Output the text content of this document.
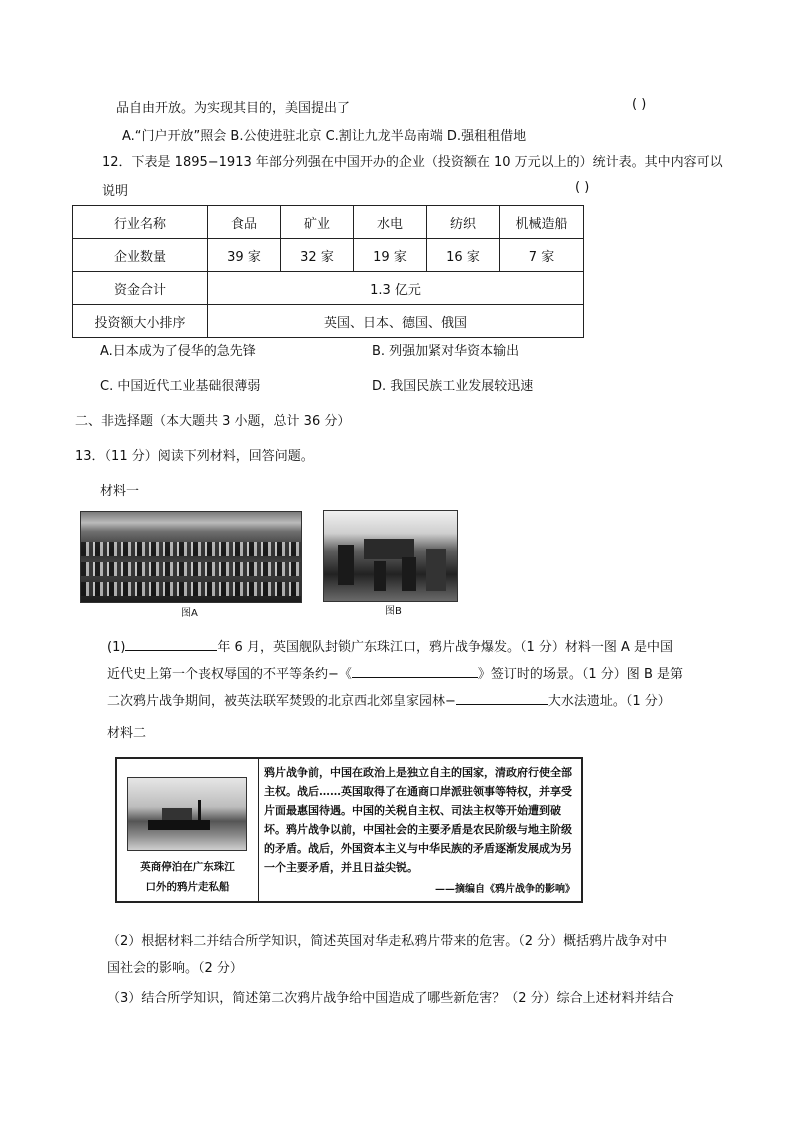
品自由开放。为实现其目的，美国提出了	( )
A.“门户开放”照会 B.公使进驻北京 C.割让九龙半岛南端 D.强租租借地
12．下表是 1895−1913 年部分列强在中国开办的企业（投资额在 10 万元以上的）统计表。其中内容可以
说明	( )
行业名称	食品	矿业	水电	纺织	机械造船
企业数量	39 家	32 家	19 家	16 家	7 家
资金合计	1.3 亿元				
投资额大小排序	英国、日本、德国、俄国				
A.日本成为了侵华的急先锋	B. 列强加紧对华资本输出
C. 中国近代工业基础很薄弱	D. 我国民族工业发展较迅速
二、非选择题（本大题共 3 小题，总计 36 分）
13．（11 分）阅读下列材料，回答问题。
材料一
图A	图B
(1)	年 6 月，英国舰队封锁广东珠江口，鸦片战争爆发。（1 分）材料一图 A 是中国
近代史上第一个丧权辱国的不平等条约−《	》签订时的场景。（1 分）图 B 是第
二次鸦片战争期间，被英法联军焚毁的北京西北郊皇家园林−	大水法遗址。（1 分）
材料二
英商停泊在广东珠江
口外的鸦片走私船
鸦片战争前，中国在政治上是独立自主的国家，清政府行使全部主权。战后……英国取得了在通商口岸派驻领事等特权，并享受片面最惠国待遇。中国的关税自主权、司法主权等开始遭到破坏。鸦片战争以前，中国社会的主要矛盾是农民阶级与地主阶级的矛盾。战后，外国资本主义与中华民族的矛盾逐渐发展成为另一个主要矛盾，并且日益尖锐。
——摘编自《鸦片战争的影响》
（2）根据材料二并结合所学知识，简述英国对华走私鸦片带来的危害。（2 分）概括鸦片战争对中
国社会的影响。（2 分）
（3）结合所学知识，简述第二次鸦片战争给中国造成了哪些新危害？（2 分）综合上述材料并结合
